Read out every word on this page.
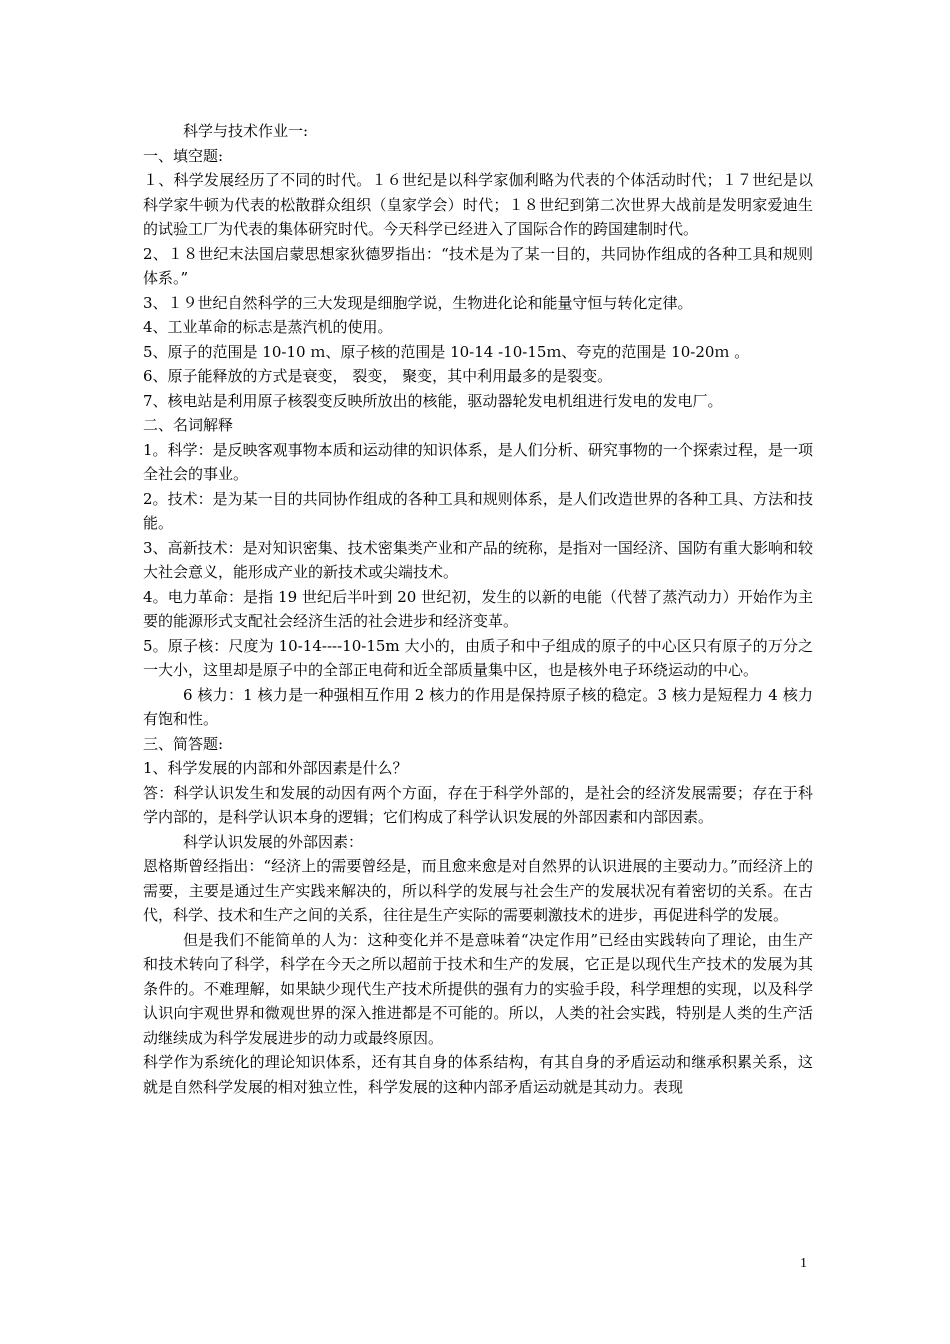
科学与技术作业一:

一、填空题:

１、科学发展经历了不同的时代。１６世纪是以科学家伽利略为代表的个体活动时代；１７世纪是以科学家牛顿为代表的松散群众组织（皇家学会）时代；１８世纪到第二次世界大战前是发明家爱迪生的试验工厂为代表的集体研究时代。今天科学已经进入了国际合作的跨国建制时代。

2、１８世纪末法国启蒙思想家狄德罗指出：“技术是为了某一目的，共同协作组成的各种工具和规则体系。”

3、１９世纪自然科学的三大发现是细胞学说，生物进化论和能量守恒与转化定律。

4、工业革命的标志是蒸汽机的使用。

5、原子的范围是 10-10 ｍ、原子核的范围是 10-14 -10-15ｍ、夸克的范围是 10-20ｍ 。

6、原子能释放的方式是衰变， 裂变， 聚变，其中利用最多的是裂变。

7、核电站是利用原子核裂变反映所放出的核能，驱动器轮发电机组进行发电的发电厂。

二、名词解释

1。科学：是反映客观事物本质和运动律的知识体系，是人们分析、研究事物的一个探索过程，是一项全社会的事业。

2。技术：是为某一目的共同协作组成的各种工具和规则体系，是人们改造世界的各种工具、方法和技能。

3、高新技术：是对知识密集、技术密集类产业和产品的统称，是指对一国经济、国防有重大影响和较大社会意义，能形成产业的新技术或尖端技术。

4。电力革命：是指 19 世纪后半叶到 20 世纪初，发生的以新的电能（代替了蒸汽动力）开始作为主要的能源形式支配社会经济生活的社会进步和经济变革。

5。原子核：尺度为 10-14----10-15m 大小的，由质子和中子组成的原子的中心区只有原子的万分之一大小，这里却是原子中的全部正电荷和近全部质量集中区，也是核外电子环绕运动的中心。

6 核力：1 核力是一种强相互作用 2 核力的作用是保持原子核的稳定。3 核力是短程力 4 核力有饱和性。

三、简答题:

1、科学发展的内部和外部因素是什么？

答：科学认识发生和发展的动因有两个方面，存在于科学外部的，是社会的经济发展需要；存在于科学内部的，是科学认识本身的逻辑；它们构成了科学认识发展的外部因素和内部因素。

科学认识发展的外部因素：

恩格斯曾经指出：“经济上的需要曾经是，而且愈来愈是对自然界的认识进展的主要动力。”而经济上的需要，主要是通过生产实践来解决的，所以科学的发展与社会生产的发展状况有着密切的关系。在古代，科学、技术和生产之间的关系，往往是生产实际的需要刺激技术的进步，再促进科学的发展。

但是我们不能简单的人为：这种变化并不是意味着“决定作用”已经由实践转向了理论，由生产和技术转向了科学，科学在今天之所以超前于技术和生产的发展，它正是以现代生产技术的发展为其条件的。不难理解，如果缺少现代生产技术所提供的强有力的实验手段，科学理想的实现，以及科学认识向宇观世界和微观世界的深入推进都是不可能的。所以，人类的社会实践，特别是人类的生产活动继续成为科学发展进步的动力或最终原因。

科学作为系统化的理论知识体系，还有其自身的体系结构，有其自身的矛盾运动和继承积累关系，这就是自然科学发展的相对独立性，科学发展的这种内部矛盾运动就是其动力。表现

1
